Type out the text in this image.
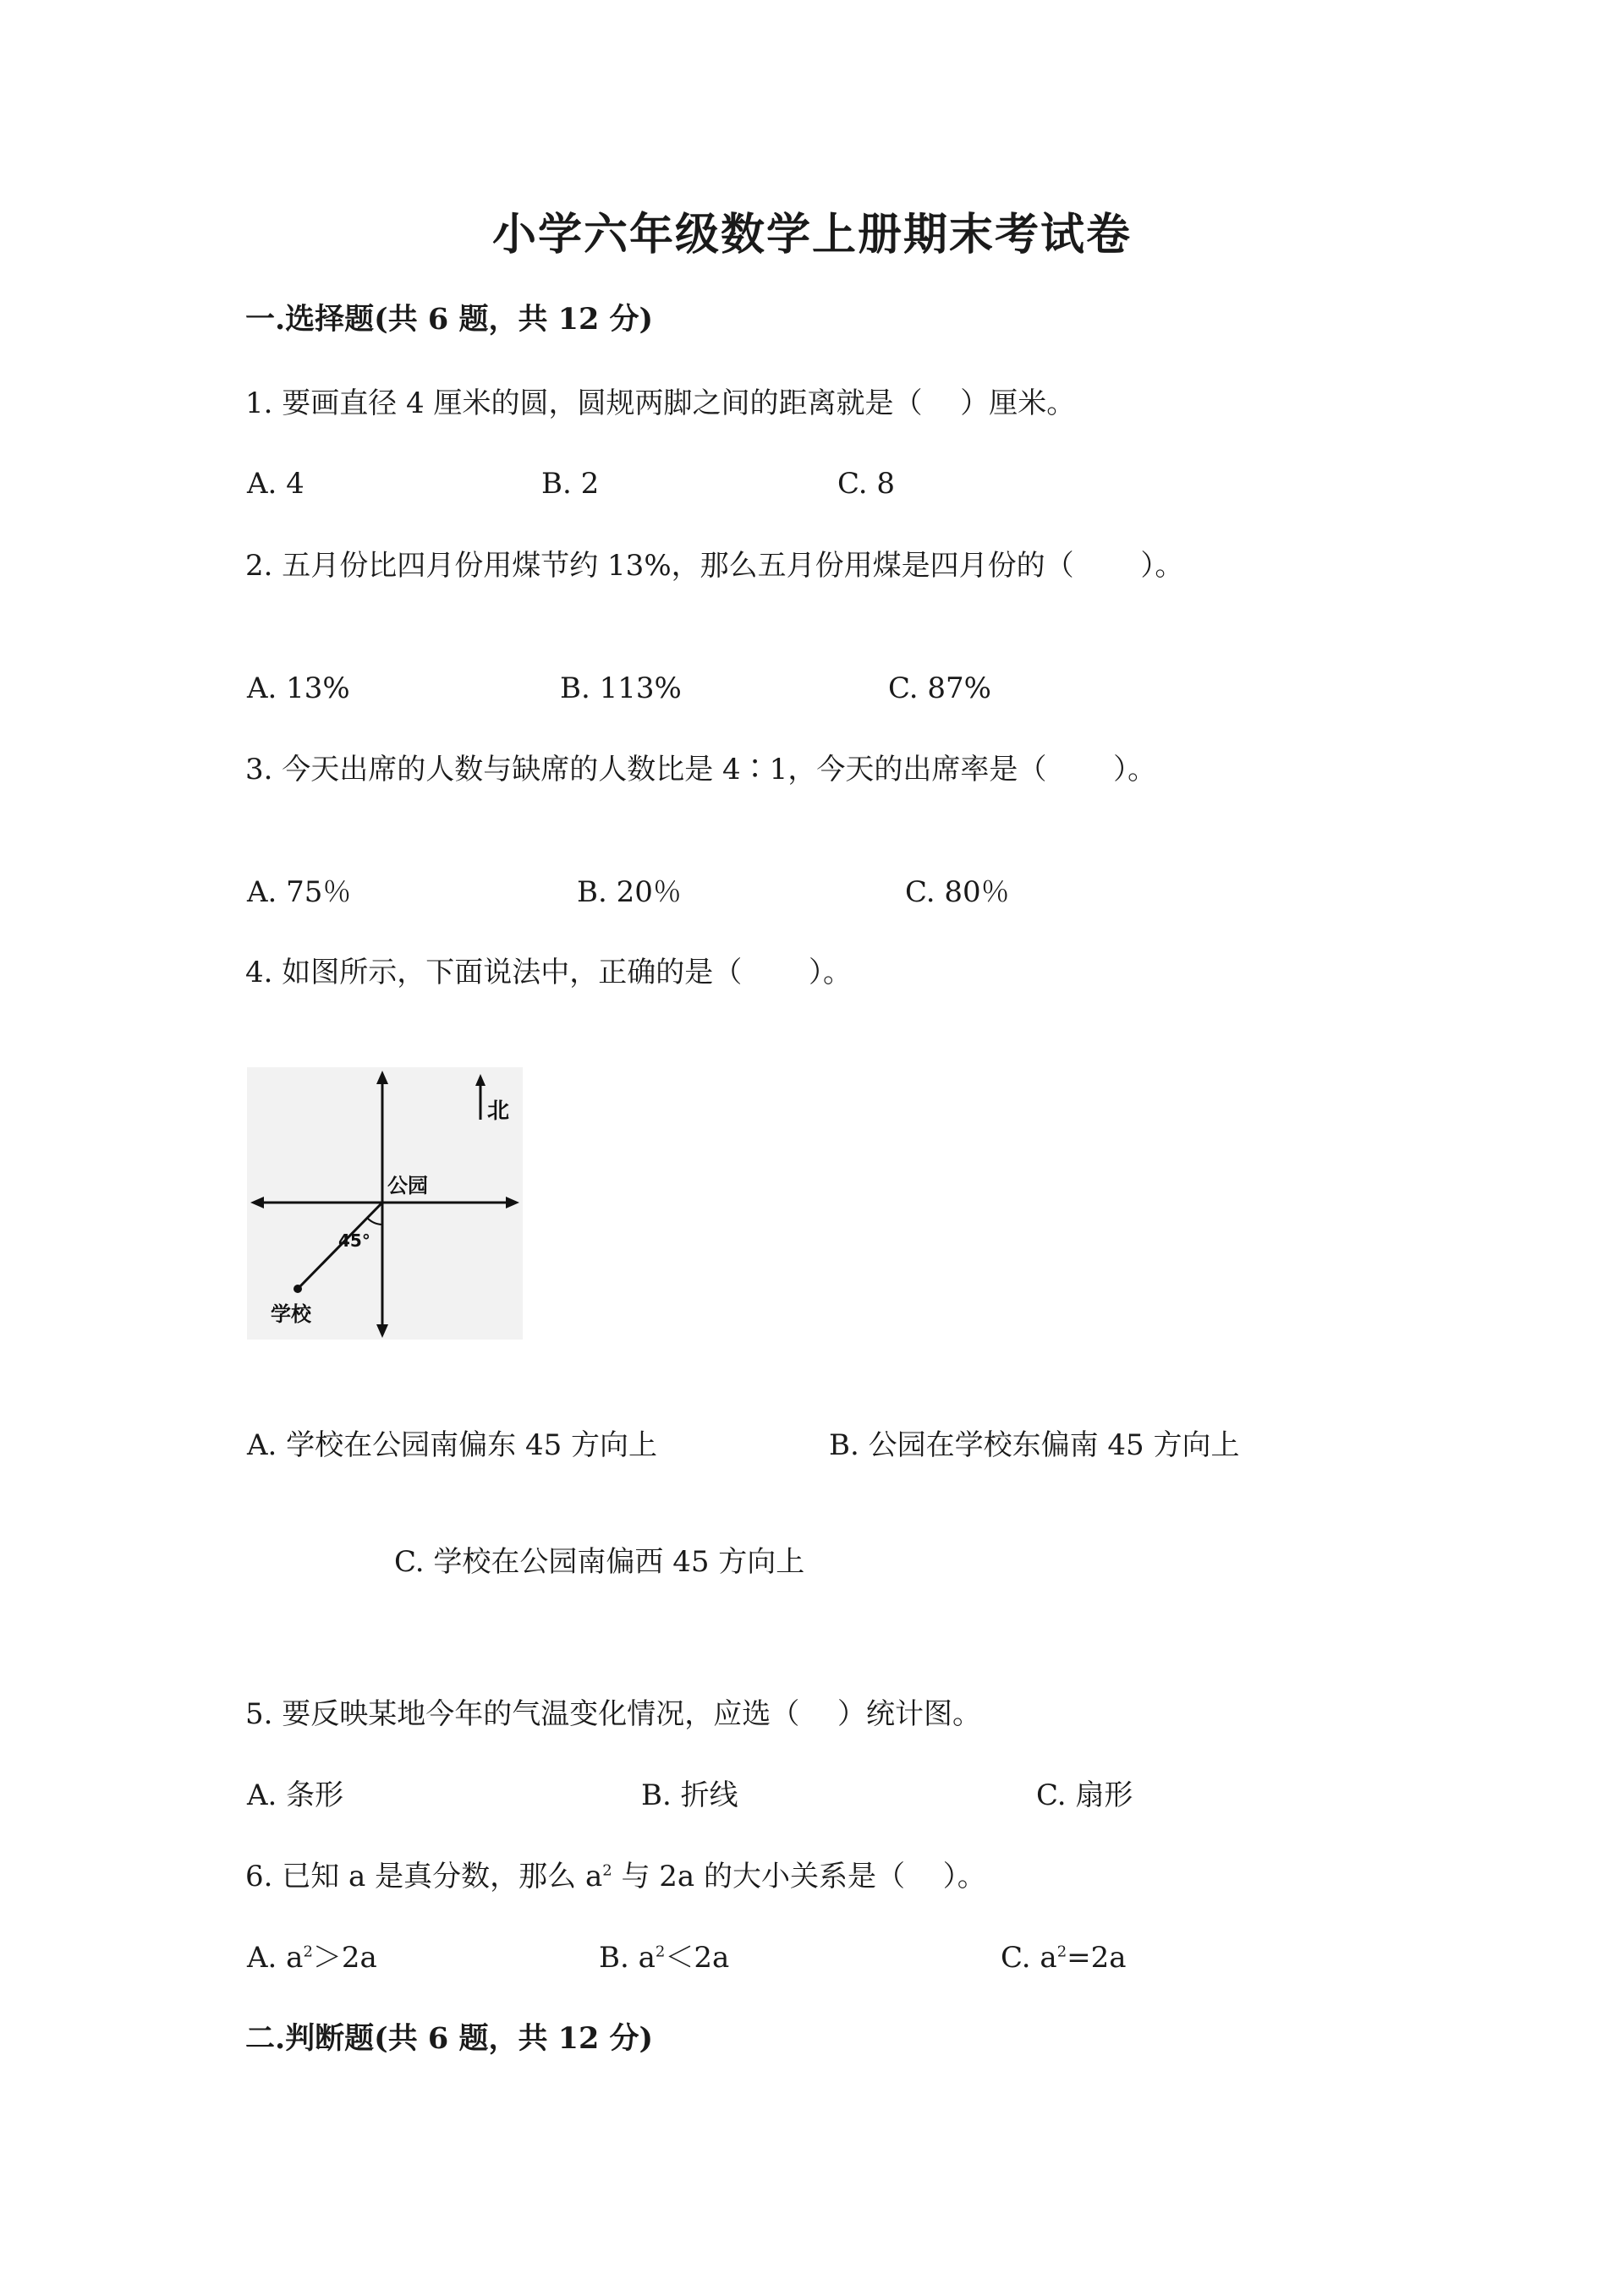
小学六年级数学上册期末考试卷
一.选择题(共 6 题，共 12 分)
1. 要画直径 4 厘米的圆，圆规两脚之间的距离就是（　 ）厘米。
A. 4	B. 2	C. 8
2. 五月份比四月份用煤节约 13%，那么五月份用煤是四月份的（　　 ）。
A. 13%	B. 113%	C. 87%
3. 今天出席的人数与缺席的人数比是 4∶1，今天的出席率是（　　 ）。
A. 75％	B. 20％	C. 80％
4. 如图所示，下面说法中，正确的是（　　 ）。
北
公园
45°
学校
A. 学校在公园南偏东 45 方向上	B. 公园在学校东偏南 45 方向上
C. 学校在公园南偏西 45 方向上
5. 要反映某地今年的气温变化情况，应选（　 ）统计图。
A. 条形	B. 折线	C. 扇形
6. 已知 a 是真分数，那么 $a^2$ 与 2a 的大小关系是（　 ）。
A. $a^2>2a$	B. $a^2<2a$	C. $a^2=2a$
二.判断题(共 6 题，共 12 分)
